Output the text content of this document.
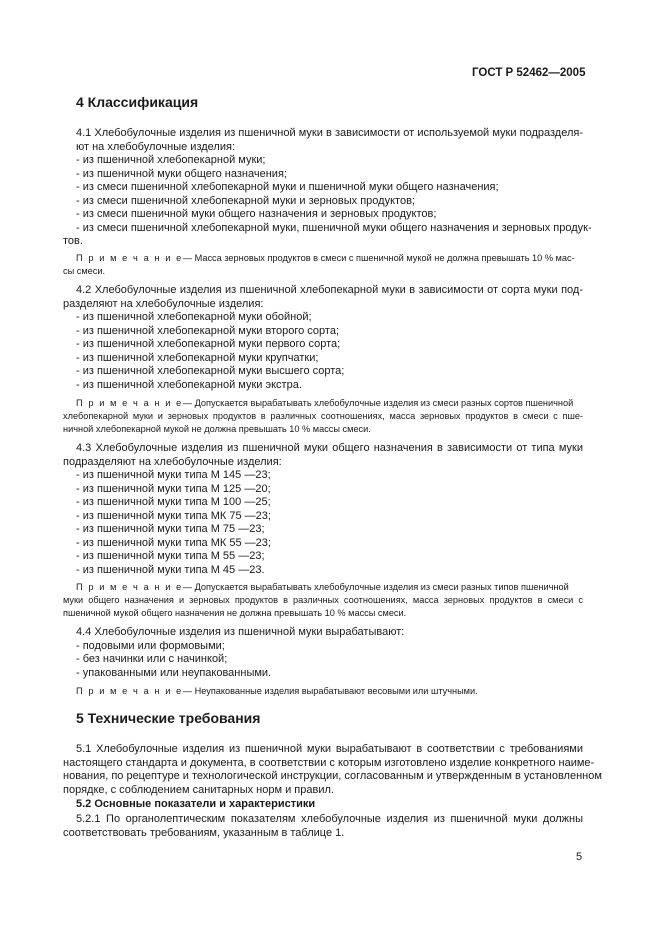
ГОСТ Р 52462—2005
4 Классификация
4.1 Хлебобулочные изделия из пшеничной муки в зависимости от используемой муки подразделя-
ют на хлебобулочные изделия:
- из пшеничной хлебопекарной муки;
- из пшеничной муки общего назначения;
- из смеси пшеничной хлебопекарной муки и пшеничной муки общего назначения;
- из смеси пшеничной хлебопекарной муки и зерновых продуктов;
- из смеси пшеничной муки общего назначения и зерновых продуктов;
- из смеси пшеничной хлебопекарной муки, пшеничной муки общего назначения и зерновых продук-
тов.
П р и м е ч а н и е— Масса зерновых продуктов в смеси с пшеничной мукой не должна превышать 10 % мас-
сы смеси.
4.2 Хлебобулочные изделия из пшеничной хлебопекарной муки в зависимости от сорта муки под-
разделяют на хлебобулочные изделия:
- из пшеничной хлебопекарной муки обойной;
- из пшеничной хлебопекарной муки второго сорта;
- из пшеничной хлебопекарной муки первого сорта;
- из пшеничной хлебопекарной муки крупчатки;
- из пшеничной хлебопекарной муки высшего сорта;
- из пшеничной хлебопекарной муки экстра.
П р и м е ч а н и е— Допускается вырабатывать хлебобулочные изделия из смеси разных сортов пшеничной
хлебопекарной муки и зерновых продуктов в различных соотношениях, масса зерновых продуктов в смеси с пше-
ничной хлебопекарной мукой не должна превышать 10 % массы смеси.
4.3 Хлебобулочные изделия из пшеничной муки общего назначения в зависимости от типа муки
подразделяют на хлебобулочные изделия:
- из пшеничной муки типа М 145 —23;
- из пшеничной муки типа М 125 —20;
- из пшеничной муки типа М 100 —25;
- из пшеничной муки типа МК 75 —23;
- из пшеничной муки типа М 75 —23;
- из пшеничной муки типа МК 55 —23;
- из пшеничной муки типа М 55 —23;
- из пшеничной муки типа М 45 —23.
П р и м е ч а н и е— Допускается вырабатывать хлебобулочные изделия из смеси разных типов пшеничной
муки общего назначения и зерновых продуктов в различных соотношениях, масса зерновых продуктов в смеси с
пшеничной мукой общего назначения не должна превышать 10 % массы смеси.
4.4 Хлебобулочные изделия из пшеничной муки вырабатывают:
- подовыми или формовыми;
- без начинки или с начинкой;
- упакованными или неупакованными.
П р и м е ч а н и е— Неупакованные изделия вырабатывают весовыми или штучными.
5 Технические требования
5.1 Хлебобулочные изделия из пшеничной муки вырабатывают в соответствии с требованиями
настоящего стандарта и документа, в соответствии с которым изготовлено изделие конкретного наиме-
нования, по рецептуре и технологической инструкции, согласованным и утвержденным в установленном
порядке, с соблюдением санитарных норм и правил.
5.2 Основные показатели и характеристики
5.2.1 По органолептическим показателям хлебобулочные изделия из пшеничной муки должны
соответствовать требованиям, указанным в таблице 1.
5
